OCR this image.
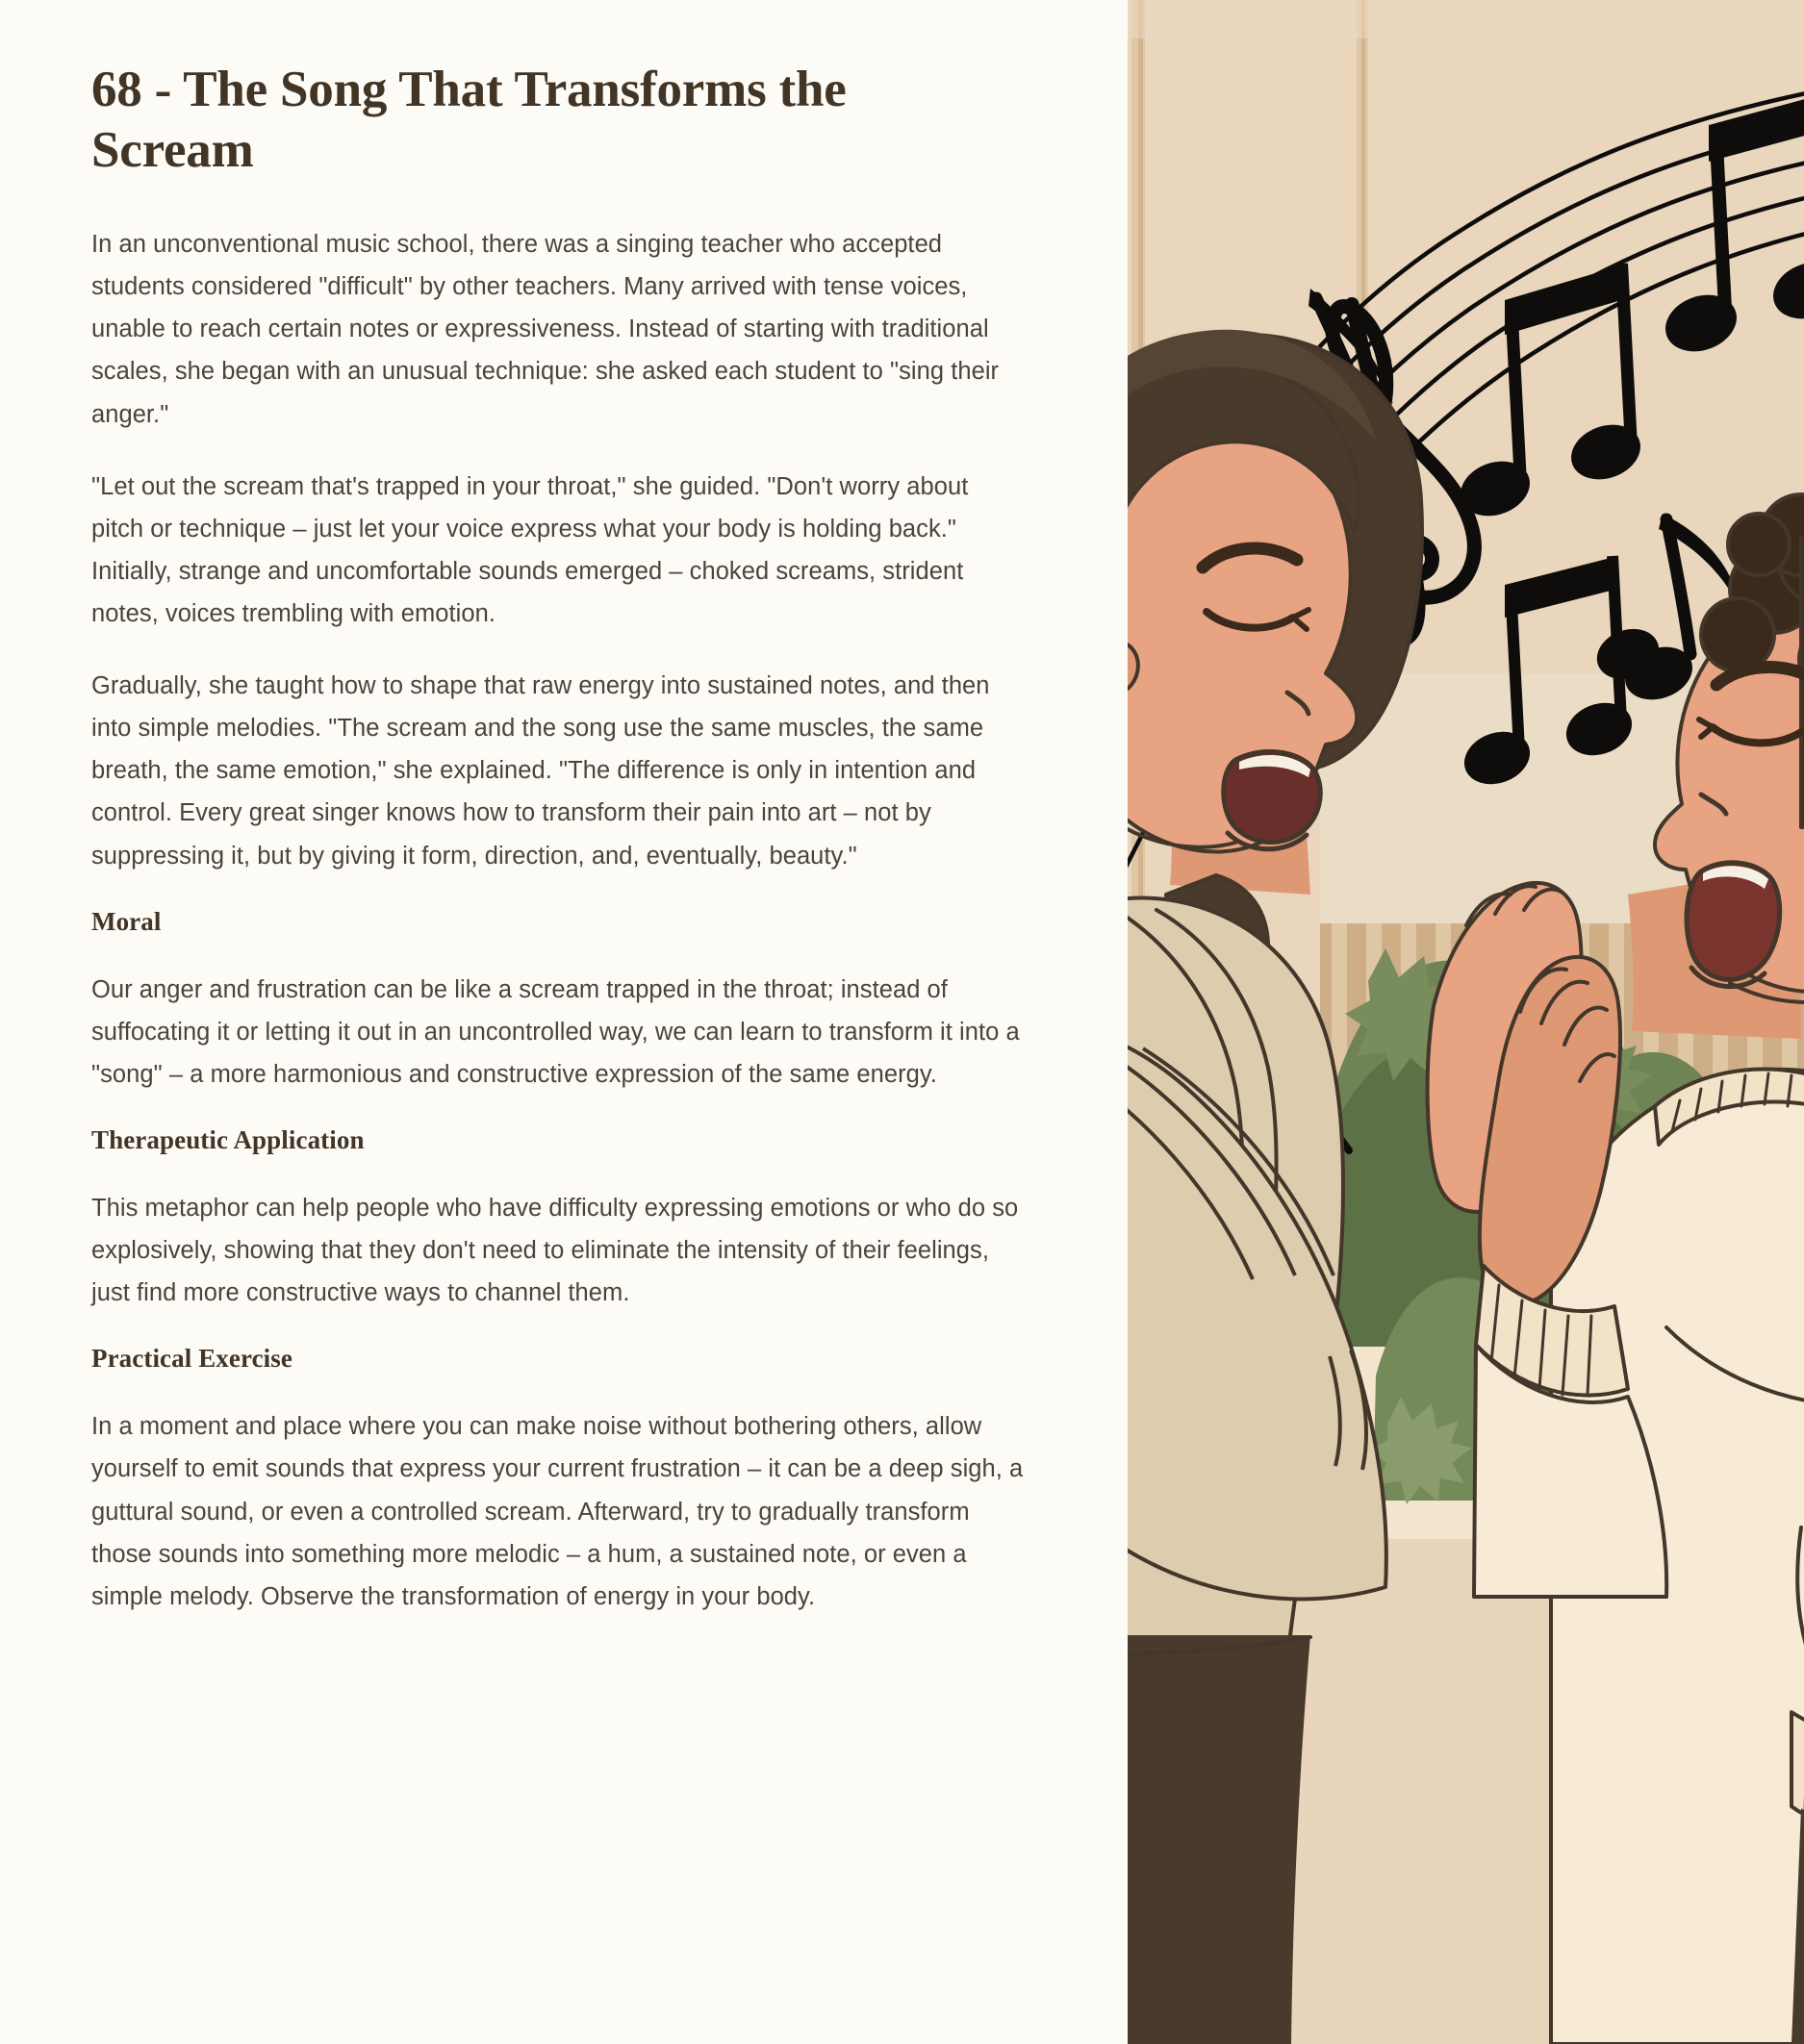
68 - The Song That Transforms the Scream

In an unconventional music school, there was a singing teacher who accepted students considered "difficult" by other teachers. Many arrived with tense voices, unable to reach certain notes or expressiveness. Instead of starting with traditional scales, she began with an unusual technique: she asked each student to "sing their anger."

"Let out the scream that's trapped in your throat," she guided. "Don't worry about pitch or technique – just let your voice express what your body is holding back." Initially, strange and uncomfortable sounds emerged – choked screams, strident notes, voices trembling with emotion.

Gradually, she taught how to shape that raw energy into sustained notes, and then into simple melodies. "The scream and the song use the same muscles, the same breath, the same emotion," she explained. "The difference is only in intention and control. Every great singer knows how to transform their pain into art – not by suppressing it, but by giving it form, direction, and, eventually, beauty."

Moral

Our anger and frustration can be like a scream trapped in the throat; instead of suffocating it or letting it out in an uncontrolled way, we can learn to transform it into a "song" – a more harmonious and constructive expression of the same energy.

Therapeutic Application

This metaphor can help people who have difficulty expressing emotions or who do so explosively, showing that they don't need to eliminate the intensity of their feelings, just find more constructive ways to channel them.

Practical Exercise

In a moment and place where you can make noise without bothering others, allow yourself to emit sounds that express your current frustration – it can be a deep sigh, a guttural sound, or even a controlled scream. Afterward, try to gradually transform those sounds into something more melodic – a hum, a sustained note, or even a simple melody. Observe the transformation of energy in your body.
